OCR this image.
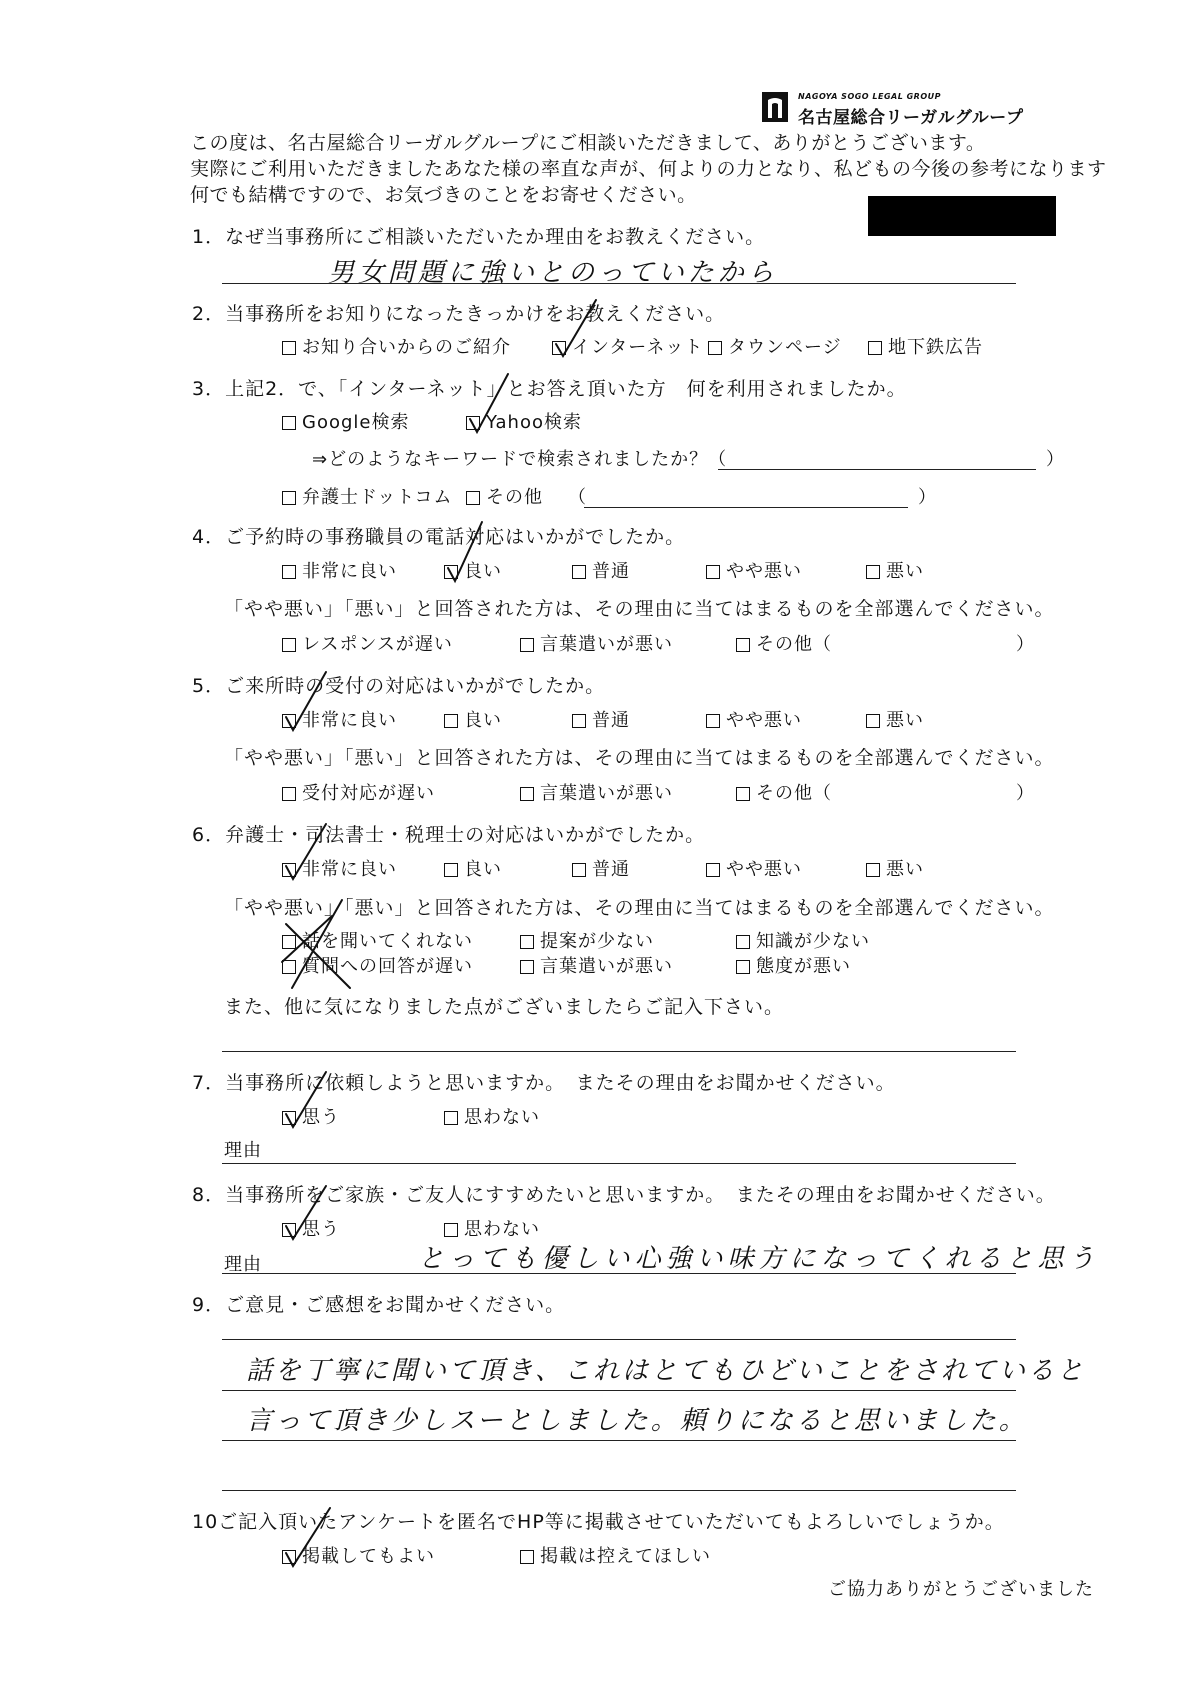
NAGOYA SOGO LEGAL GROUP
名古屋総合リーガルグループ
この度は、名古屋総合リーガルグループにご相談いただきまして、ありがとうございます。
実際にご利用いただきましたあなた様の率直な声が、何よりの力となり、私どもの今後の参考になります
何でも結構ですので、お気づきのことをお寄せください。
1．なぜ当事務所にご相談いただいたか理由をお教えください。
男女問題に強いとのっていたから
2．当事務所をお知りになったきっかけをお教えください。
お知り合いからのご紹介	インターネット タウンページ	地下鉄広告
3．上記2．で、「インターネット」とお答え頂いた方　何を利用されましたか。
Google検索	Yahoo検索
⇒どのようなキーワードで検索されましたか？（	）
弁護士ドットコム その他 （	）
4．ご予約時の事務職員の電話対応はいかがでしたか。
非常に良い	良い	普通	やや悪い	悪い
「やや悪い」「悪い」と回答された方は、その理由に当てはまるものを全部選んでください。
レスポンスが遅い	言葉遣いが悪い	その他（	）
5．ご来所時の受付の対応はいかがでしたか。
非常に良い	良い	普通	やや悪い	悪い
「やや悪い」「悪い」と回答された方は、その理由に当てはまるものを全部選んでください。
受付対応が遅い	言葉遣いが悪い	その他（	）
6．弁護士・司法書士・税理士の対応はいかがでしたか。
非常に良い	良い	普通	やや悪い	悪い
「やや悪い」「悪い」と回答された方は、その理由に当てはまるものを全部選んでください。
話を聞いてくれない	提案が少ない	知識が少ない
質問への回答が遅い	言葉遣いが悪い	態度が悪い
また、他に気になりました点がございましたらご記入下さい。
7．当事務所に依頼しようと思いますか。　またその理由をお聞かせください。
思う	思わない
理由
8．当事務所をご家族・ご友人にすすめたいと思いますか。　またその理由をお聞かせください。
思う	思わない
理由	とっても優しい心強い味方になってくれると思う
9．ご意見・ご感想をお聞かせください。
話を丁寧に聞いて頂き、これはとてもひどいことをされていると
言って頂き少しスーとしました。頼りになると思いました。
10ご記入頂いたアンケートを匿名でHP等に掲載させていただいてもよろしいでしょうか。
掲載してもよい	掲載は控えてほしい
ご協力ありがとうございました
